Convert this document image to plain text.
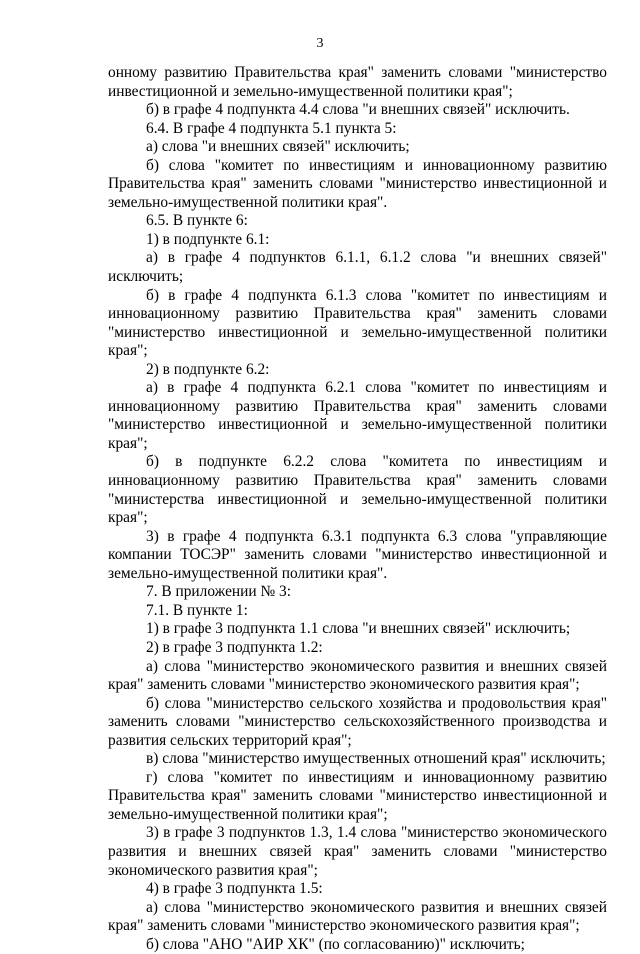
3

онному развитию Правительства края" заменить словами "министерство инвестиционной и земельно-имущественной политики края";

б) в графе 4 подпункта 4.4 слова "и внешних связей" исключить.

6.4. В графе 4 подпункта 5.1 пункта 5:

а) слова "и внешних связей" исключить;

б) слова "комитет по инвестициям и инновационному развитию Правительства края" заменить словами "министерство инвестиционной и земельно-имущественной политики края".

6.5. В пункте 6:

1) в подпункте 6.1:

а) в графе 4 подпунктов 6.1.1, 6.1.2 слова "и внешних связей" исключить;

б) в графе 4 подпункта 6.1.3 слова "комитет по инвестициям и инновационному развитию Правительства края" заменить словами "министерство инвестиционной и земельно-имущественной политики края";

2) в подпункте 6.2:

а) в графе 4 подпункта 6.2.1 слова "комитет по инвестициям и инновационному развитию Правительства края" заменить словами "министерство инвестиционной и земельно-имущественной политики края";

б) в подпункте 6.2.2 слова "комитета по инвестициям и инновационному развитию Правительства края" заменить словами "министерства инвестиционной и земельно-имущественной политики края";

3) в графе 4 подпункта 6.3.1 подпункта 6.3 слова "управляющие компании ТОСЭР" заменить словами "министерство инвестиционной и земельно-имущественной политики края".

7. В приложении № 3:

7.1. В пункте 1:

1) в графе 3 подпункта 1.1 слова "и внешних связей" исключить;

2) в графе 3 подпункта 1.2:

а) слова "министерство экономического развития и внешних связей края" заменить словами "министерство экономического развития края";

б) слова "министерство сельского хозяйства и продовольствия края" заменить словами "министерство сельскохозяйственного производства и развития сельских территорий края";

в) слова "министерство имущественных отношений края" исключить;

г) слова "комитет по инвестициям и инновационному развитию Правительства края" заменить словами "министерство инвестиционной и земельно-имущественной политики края";

3) в графе 3 подпунктов 1.3, 1.4 слова "министерство экономического развития и внешних связей края" заменить словами "министерство экономического развития края";

4) в графе 3 подпункта 1.5:

а) слова "министерство экономического развития и внешних связей края" заменить словами "министерство экономического развития края";

б) слова "АНО "АИР ХК" (по согласованию)" исключить;
